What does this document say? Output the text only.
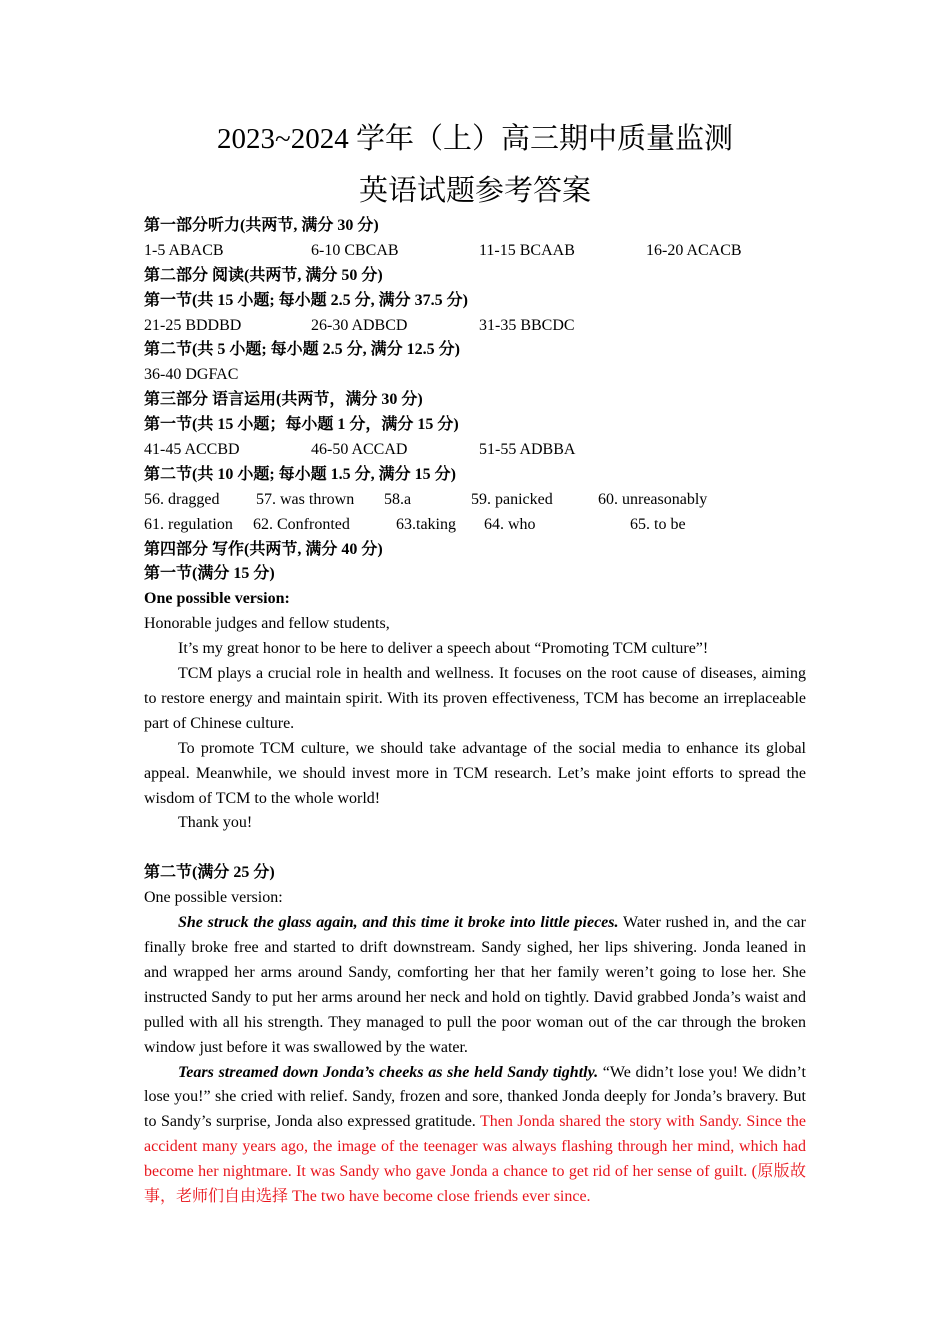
2023~2024 学年（上）高三期中质量监测
英语试题参考答案
第一部分听力(共两节, 满分 30 分)
1-5 ABACB	6-10 CBCAB	11-15 BCAAB	16-20 ACACB
第二部分 阅读(共两节, 满分 50 分)
第一节(共 15 小题; 每小题 2.5 分, 满分 37.5 分)
21-25 BDDBD	26-30 ADBCD	31-35 BBCDC
第二节(共 5 小题; 每小题 2.5 分, 满分 12.5 分)
36-40 DGFAC
第三部分 语言运用(共两节，满分 30 分)
第一节(共 15 小题；每小题 1 分，满分 15 分)
41-45 ACCBD	46-50 ACCAD	51-55 ADBBA
第二节(共 10 小题; 每小题 1.5 分, 满分 15 分)
56. dragged 57. was thrown 58.a	59. panicked	60. unreasonably
61. regulation 62. Confronted	63.taking 64. who	65. to be
第四部分 写作(共两节, 满分 40 分)
第一节(满分 15 分)
One possible version:
Honorable judges and fellow students,

It’s my great honor to be here to deliver a speech about “Promoting TCM culture”!

TCM plays a crucial role in health and wellness. It focuses on the root cause of diseases, aiming to restore energy and maintain spirit. With its proven effectiveness, TCM has become an irreplaceable part of Chinese culture.

To promote TCM culture, we should take advantage of the social media to enhance its global appeal. Meanwhile, we should invest more in TCM research. Let’s make joint efforts to spread the wisdom of TCM to the whole world!

Thank you!

第二节(满分 25 分)
One possible version:

She struck the glass again, and this time it broke into little pieces. Water rushed in, and the car finally broke free and started to drift downstream. Sandy sighed, her lips shivering. Jonda leaned in and wrapped her arms around Sandy, comforting her that her family weren’t going to lose her. She instructed Sandy to put her arms around her neck and hold on tightly. David grabbed Jonda’s waist and pulled with all his strength. They managed to pull the poor woman out of the car through the broken window just before it was swallowed by the water.

Tears streamed down Jonda’s cheeks as she held Sandy tightly. “We didn’t lose you! We didn’t lose you!” she cried with relief. Sandy, frozen and sore, thanked Jonda deeply for Jonda’s bravery. But to Sandy’s surprise, Jonda also expressed gratitude. Then Jonda shared the story with Sandy. Since the accident many years ago, the image of the teenager was always flashing through her mind, which had become her nightmare. It was Sandy who gave Jonda a chance to get rid of her sense of guilt. (原版故事，老师们自由选择 The two have become close friends ever since.
